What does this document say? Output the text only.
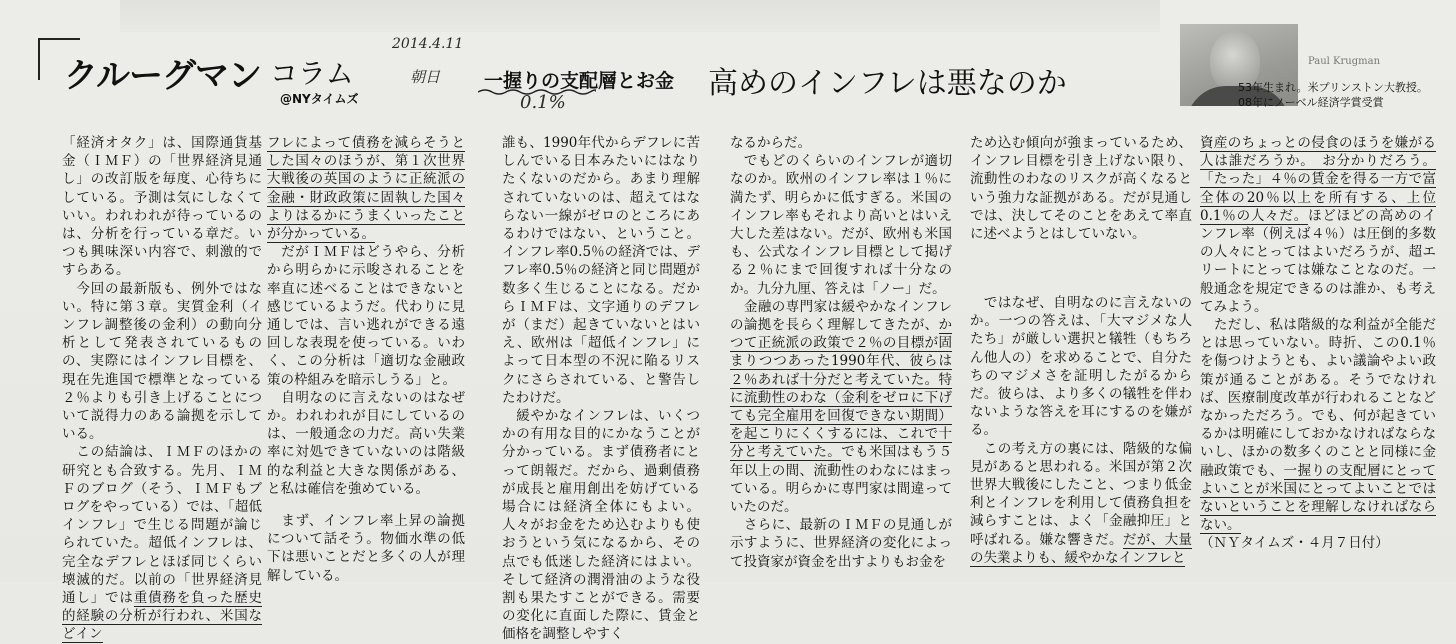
クルーグマン コラム
@NYタイムズ
2014.4.11
朝日
0.1%
一握りの支配層とお金 高めのインフレは悪なのか
Paul Krugman
53年生まれ。米プリンストン大教授。
08年にノーベル経済学賞受賞
「経済オタク」は、国際通貨基金（ＩＭＦ）の「世界経済見通し」の改訂版を毎度、心待ちにしている。予測は気にしなくていい。われわれが待っているのは、分析を行っている章だ。いつも興味深い内容で、刺激的ですらある。
　今回の最新版も、例外ではない。特に第３章。実質金利（インフレ調整後の金利）の動向分析として発表されているものの、実際にはインフレ目標を、現在先進国で標準となっている２％よりも引き上げることについて説得力のある論拠を示している。
　この結論は、ＩＭＦのほかの研究とも合致する。先月、ＩＭＦのブログ（そう、ＩＭＦもブログをやっている）では、「超低インフレ」で生じる問題が論じられていた。超低インフレは、完全なデフレとほぼ同じくらい壊滅的だ。以前の「世界経済見通し」では重債務を負った歴史的経験の分析が行われ、米国などイン
フレによって債務を減らそうとした国々のほうが、第１次世界大戦後の英国のように正統派の金融・財政政策に固執した国々よりはるかにうまくいったことが分かっている。
　だがＩＭＦはどうやら、分析から明らかに示唆されることを率直に述べることはできないと感じているようだ。代わりに見通しでは、言い逃れができる遠回しな表現を使っている。いわく、この分析は「適切な金融政策の枠組みを暗示しうる」と。
　自明なのに言えないのはなぜか。われわれが目にしているのは、一般通念の力だ。高い失業率に対処できていないのは階級的な利益と大きな関係がある、と私は確信を強めている。
　まず、インフレ率上昇の論拠について話そう。物価水準の低下は悪いことだと多くの人が理解している。
誰も、1990年代からデフレに苦しんでいる日本みたいにはなりたくないのだから。あまり理解されていないのは、超えてはならない一線がゼロのところにあるわけではない、ということ。インフレ率0.5％の経済では、デフレ率0.5％の経済と同じ問題が数多く生じることになる。だからＩＭＦは、文字通りのデフレが（まだ）起きていないとはいえ、欧州は「超低インフレ」によって日本型の不況に陥るリスクにさらされている、と警告したわけだ。
　緩やかなインフレは、いくつかの有用な目的にかなうことが分かっている。まず債務者にとって朗報だ。だから、過剰債務が成長と雇用創出を妨げている場合には経済全体にもよい。人々がお金をため込むよりも使おうという気になるから、その点でも低迷した経済にはよい。そして経済の潤滑油のような役割も果たすことができる。需要の変化に直面した際に、賃金と価格を調整しやすく
なるからだ。
　でもどのくらいのインフレが適切なのか。欧州のインフレ率は１％に満たず、明らかに低すぎる。米国のインフレ率もそれより高いとはいえ大した差はない。だが、欧州も米国も、公式なインフレ目標として掲げる２％にまで回復すれば十分なのか。九分九厘、答えは「ノー」だ。
　金融の専門家は緩やかなインフレの論拠を長らく理解してきたが、かつて正統派の政策で２％の目標が固まりつつあった1990年代、彼らは２％あれば十分だと考えていた。特に流動性のわな（金利をゼロに下げても完全雇用を回復できない期間）を起こりにくくするには、これで十分と考えていた。でも米国はもう５年以上の間、流動性のわなにはまっている。明らかに専門家は間違っていたのだ。
　さらに、最新のＩＭＦの見通しが示すように、世界経済の変化によって投資家が資金を出すよりもお金を
ため込む傾向が強まっているため、インフレ目標を引き上げない限り、流動性のわなのリスクが高くなるという強力な証拠がある。だが見通しでは、決してそのことをあえて率直に述べようとはしていない。
　ではなぜ、自明なのに言えないのか。一つの答えは、「大マジメな人たち」が厳しい選択と犠牲（もちろん他人の）を求めることで、自分たちのマジメさを証明したがるからだ。彼らは、より多くの犠牲を伴わないような答えを耳にするのを嫌がる。
　この考え方の裏には、階級的な偏見があると思われる。米国が第２次世界大戦後にしたこと、つまり低金利とインフレを利用して債務負担を減らすことは、よく「金融抑圧」と呼ばれる。嫌な響きだ。だが、大量の失業よりも、緩やかなインフレと
資産のちょっとの侵食のほうを嫌がる人は誰だろうか。　お分かりだろう。「たった」４％の賃金を得る一方で富全体の20％以上を所有する、上位0.1％の人々だ。ほどほどの高めのインフレ率（例えば４％）は圧倒的多数の人々にとってはよいだろうが、超エリートにとっては嫌なことなのだ。一般通念を規定できるのは誰か、も考えてみよう。
　ただし、私は階級的な利益が全能だとは思っていない。時折、この0.1％を傷つけようとも、よい議論やよい政策が通ることがある。そうでなければ、医療制度改革が行われることなどなかっただろう。でも、何が起きているかは明確にしておかなければならないし、ほかの数多くのことと同様に金融政策でも、一握りの支配層にとってよいことが米国にとってよいことではないということを理解しなければならない。
（ＮＹタイムズ・４月７日付）
